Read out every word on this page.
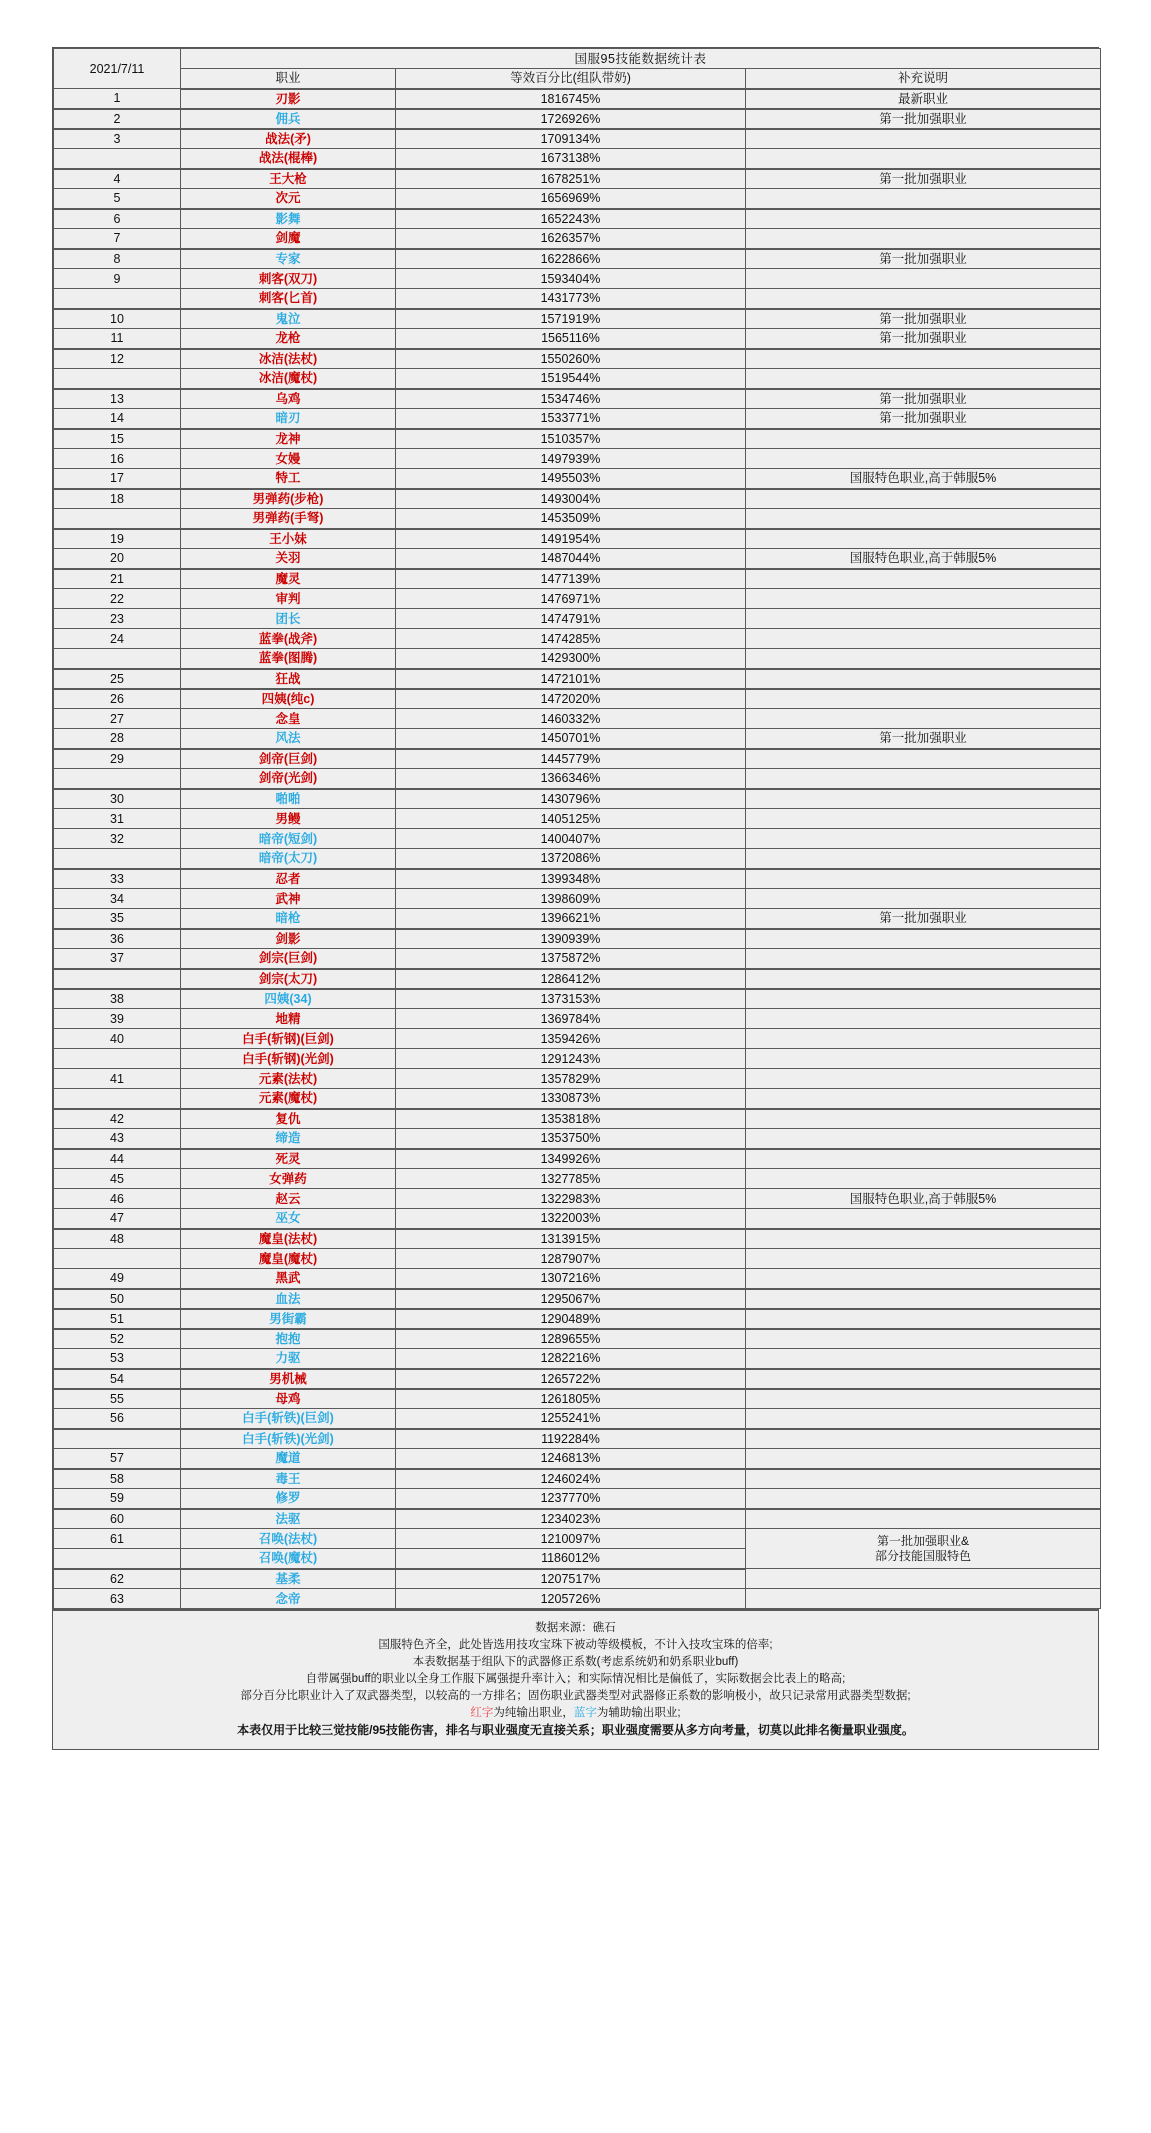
2021/7/11	国服95技能数据统计表		
	职业	等效百分比(组队带奶)	补充说明
1	刃影	1816745%	最新职业
2	佣兵	1726926%	第一批加强职业
3	战法(矛)	1709134%	
	战法(棍棒)	1673138%	
4	王大枪	1678251%	第一批加强职业
5	次元	1656969%	
6	影舞	1652243%	
7	剑魔	1626357%	
8	专家	1622866%	第一批加强职业
9	刺客(双刀)	1593404%	
	刺客(匕首)	1431773%	
10	鬼泣	1571919%	第一批加强职业
11	龙枪	1565116%	第一批加强职业
12	冰洁(法杖)	1550260%	
	冰洁(魔杖)	1519544%	
13	乌鸡	1534746%	第一批加强职业
14	暗刃	1533771%	第一批加强职业
15	龙神	1510357%	
16	女嫚	1497939%	
17	特工	1495503%	国服特色职业,高于韩服5%
18	男弹药(步枪)	1493004%	
	男弹药(手弩)	1453509%	
19	王小妹	1491954%	
20	关羽	1487044%	国服特色职业,高于韩服5%
21	魔灵	1477139%	
22	审判	1476971%	
23	团长	1474791%	
24	蓝拳(战斧)	1474285%	
	蓝拳(图腾)	1429300%	
25	狂战	1472101%	
26	四姨(纯c)	1472020%	
27	念皇	1460332%	
28	风法	1450701%	第一批加强职业
29	剑帝(巨剑)	1445779%	
	剑帝(光剑)	1366346%	
30	啪啪	1430796%	
31	男鳗	1405125%	
32	暗帝(短剑)	1400407%	
	暗帝(太刀)	1372086%	
33	忍者	1399348%	
34	武神	1398609%	
35	暗枪	1396621%	第一批加强职业
36	剑影	1390939%	
37	剑宗(巨剑)	1375872%	
	剑宗(太刀)	1286412%	
38	四姨(34)	1373153%	
39	地精	1369784%	
40	白手(斩钢)(巨剑)	1359426%	
	白手(斩钢)(光剑)	1291243%	
41	元素(法杖)	1357829%	
	元素(魔杖)	1330873%	
42	复仇	1353818%	
43	缔造	1353750%	
44	死灵	1349926%	
45	女弹药	1327785%	
46	赵云	1322983%	国服特色职业,高于韩服5%
47	巫女	1322003%	
48	魔皇(法杖)	1313915%	
	魔皇(魔杖)	1287907%	
49	黑武	1307216%	
50	血法	1295067%	
51	男街霸	1290489%	
52	抱抱	1289655%	
53	力驱	1282216%	
54	男机械	1265722%	
55	母鸡	1261805%	
56	白手(斩铁)(巨剑)	1255241%	
	白手(斩铁)(光剑)	1192284%	
57	魔道	1246813%	
58	毒王	1246024%	
59	修罗	1237770%	
60	法驱	1234023%	
61	召唤(法杖)	1210097%	第一批加强职业&
部分技能国服特色

	召唤(魔杖)	1186012%	
62	基柔	1207517%	
63	念帝	1205726%	

数据来源：礁石

国服特色齐全，此处皆选用技攻宝珠下被动等级模板，不计入技攻宝珠的倍率;

本表数据基于组队下的武器修正系数(考虑系统奶和奶系职业buff)

自带属强buff的职业以全身工作服下属强提升率计入；和实际情况相比是偏低了，实际数据会比表上的略高;

部分百分比职业计入了双武器类型，以较高的一方排名；固伤职业武器类型对武器修正系数的影响极小，故只记录常用武器类型数据;

红字为纯输出职业，蓝字为辅助输出职业;

本表仅用于比较三觉技能/95技能伤害，排名与职业强度无直接关系；职业强度需要从多方向考量，切莫以此排名衡量职业强度。
